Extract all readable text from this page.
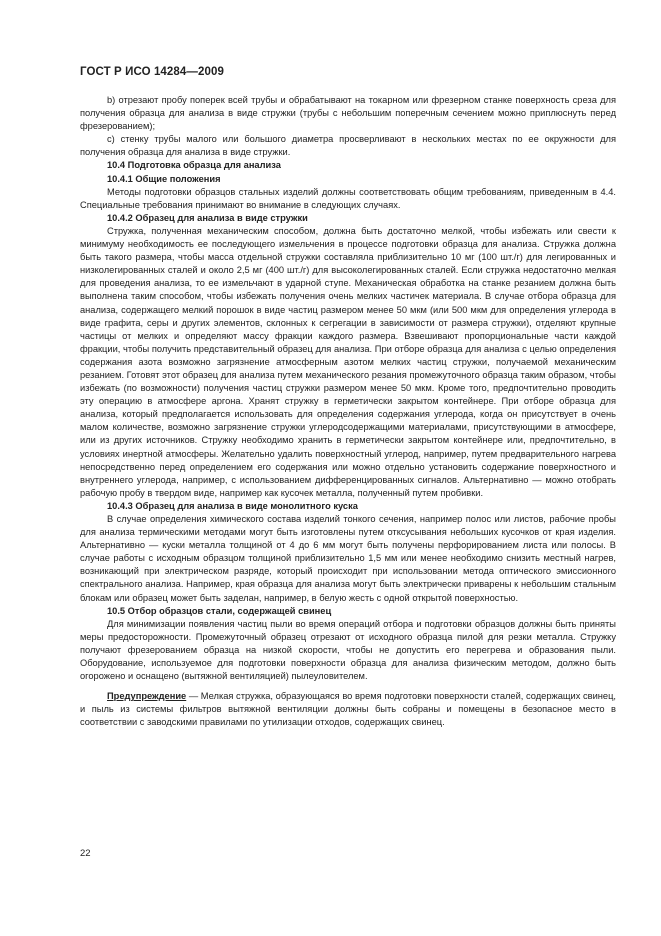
ГОСТ Р ИСО 14284—2009

b) отрезают пробу поперек всей трубы и обрабатывают на токарном или фрезерном станке поверхность среза для получения образца для анализа в виде стружки (трубы с небольшим поперечным сечением можно приплюснуть перед фрезерованием);

c) стенку трубы малого или большого диаметра просверливают в нескольких местах по ее окружности для получения образца для анализа в виде стружки.

10.4 Подготовка образца для анализа
10.4.1 Общие положения

Методы подготовки образцов стальных изделий должны соответствовать общим требованиям, приведенным в 4.4. Специальные требования принимают во внимание в следующих случаях.

10.4.2 Образец для анализа в виде стружки

Стружка, полученная механическим способом, должна быть достаточно мелкой, чтобы избежать или свести к минимуму необходимость ее последующего измельчения в процессе подготовки образца для анализа. Стружка должна быть такого размера, чтобы масса отдельной стружки составляла приблизительно 10 мг (100 шт./г) для легированных и низколегированных сталей и около 2,5 мг (400 шт./г) для высоколегированных сталей. Если стружка недостаточно мелкая для проведения анализа, то ее измельчают в ударной ступе. Механическая обработка на станке резанием должна быть выполнена таким способом, чтобы избежать получения очень мелких частичек материала. В случае отбора образца для анализа, содержащего мелкий порошок в виде частиц размером менее 50 мкм (или 500 мкм для определения углерода в виде графита, серы и других элементов, склонных к сегрегации в зависимости от размера стружки), отделяют крупные частицы от мелких и определяют массу фракции каждого размера. Взвешивают пропорциональные части каждой фракции, чтобы получить представительный образец для анализа. При отборе образца для анализа с целью определения содержания азота возможно загрязнение атмосферным азотом мелких частиц стружки, получаемой механическим резанием. Готовят этот образец для анализа путем механического резания промежуточного образца таким образом, чтобы избежать (по возможности) получения частиц стружки размером менее 50 мкм. Кроме того, предпочтительно проводить эту операцию в атмосфере аргона. Хранят стружку в герметически закрытом контейнере. При отборе образца для анализа, который предполагается использовать для определения содержания углерода, когда он присутствует в очень малом количестве, возможно загрязнение стружки углеродсодержащими материалами, присутствующими в атмосфере, или из других источников. Стружку необходимо хранить в герметически закрытом контейнере или, предпочтительно, в условиях инертной атмосферы. Желательно удалить поверхностный углерод, например, путем предварительного нагрева непосредственно перед определением его содержания или можно отдельно установить содержание поверхностного и внутреннего углерода, например, с использованием дифференцированных сигналов. Альтернативно — можно отобрать рабочую пробу в твердом виде, например как кусочек металла, полученный путем пробивки.

10.4.3 Образец для анализа в виде монолитного куска

В случае определения химического состава изделий тонкого сечения, например полос или листов, рабочие пробы для анализа термическими методами могут быть изготовлены путем отксусывания небольших кусочков от края изделия. Альтернативно — куски металла толщиной от 4 до 6 мм могут быть получены перфорированием листа или полосы. В случае работы с исходным образцом толщиной приблизительно 1,5 мм или менее необходимо снизить местный нагрев, возникающий при электрическом разряде, который происходит при использовании метода оптического эмиссионного спектрального анализа. Например, края образца для анализа могут быть электрически приварены к небольшим стальным блокам или образец может быть заделан, например, в белую жесть с одной открытой поверхностью.

10.5 Отбор образцов стали, содержащей свинец

Для минимизации появления частиц пыли во время операций отбора и подготовки образцов должны быть приняты меры предосторожности. Промежуточный образец отрезают от исходного образца пилой для резки металла. Стружку получают фрезерованием образца на низкой скорости, чтобы не допустить его перегрева и образования пыли. Оборудование, используемое для подготовки поверхности образца для анализа физическим методом, должно быть огорожено и оснащено (вытяжной вентиляцией) пылеуловителем.

Предупреждение — Мелкая стружка, образующаяся во время подготовки поверхности сталей, содержащих свинец, и пыль из системы фильтров вытяжной вентиляции должны быть собраны и помещены в безопасное место в соответствии с заводскими правилами по утилизации отходов, содержащих свинец.

22
